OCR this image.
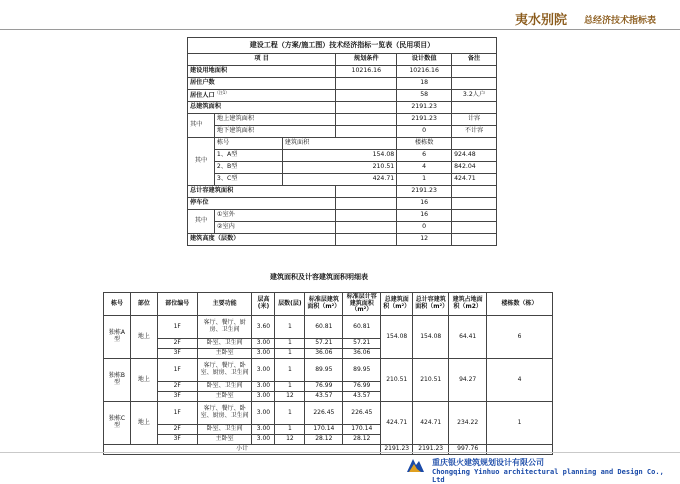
夷水别院 总经济技术指标表
建设工程（方案/施工图）技术经济指标一览表（民用项目）					
项 目			规划条件	设计数值	备注
建设用地面积			10216.16	10216.16	
居住户数				18	
居住人口$^{(注1)}$				58	3.2人户
总建筑面积				2191.23	
其中	地上建筑面积			2191.23	计容
	地下建筑面积			0	不计容
其中	栋号	建筑面积		楼栋数	
	1、A型	154.08		6	924.48
	2、B型	210.51		4	842.04
	3、C型	424.71		1	424.71
总计容建筑面积				2191.23	
停车位				16	
其中	①室外			16	
	②室内			0	
建筑高度（层数）				12	
建筑面积及计容建筑面积明细表
栋号	部位	部位编号	主要功能	层高(米)	层数(层)	标准层建筑面积（m²）	标准层计容建筑面积（m²）	总建筑面积（m²）	总计容建筑面积（m²）	建筑占地面积（m2）	楼栋数（栋）
独栋A型	地上	1F	客厅、餐厅、厨房、卫生间	3.60	1	60.81	60.81	154.08	154.08	64.41	6
		2F	卧室、卫生间	3.00	1	57.21	57.21				
		3F	主卧室	3.00	1	36.06	36.06				
独栋B型	地上	1F	客厅、餐厅、卧室、厨房、卫生间	3.00	1	89.95	89.95	210.51	210.51	94.27	4
		2F	卧室、卫生间	3.00	1	76.99	76.99				
		3F	主卧室	3.00	12	43.57	43.57				
独栋C型	地上	1F	客厅、餐厅、卧室、厨房、卫生间	3.00	1	226.45	226.45	424.71	424.71	234.22	1
		2F	卧室、卫生间	3.00	1	170.14	170.14				
		3F	主卧室	3.00	12	28.12	28.12				
小计								2191.23	2191.23	997.76	
重庆银火建筑规划设计有限公司
Chongqing Yinhuo architectural planning and Design Co., Ltd
